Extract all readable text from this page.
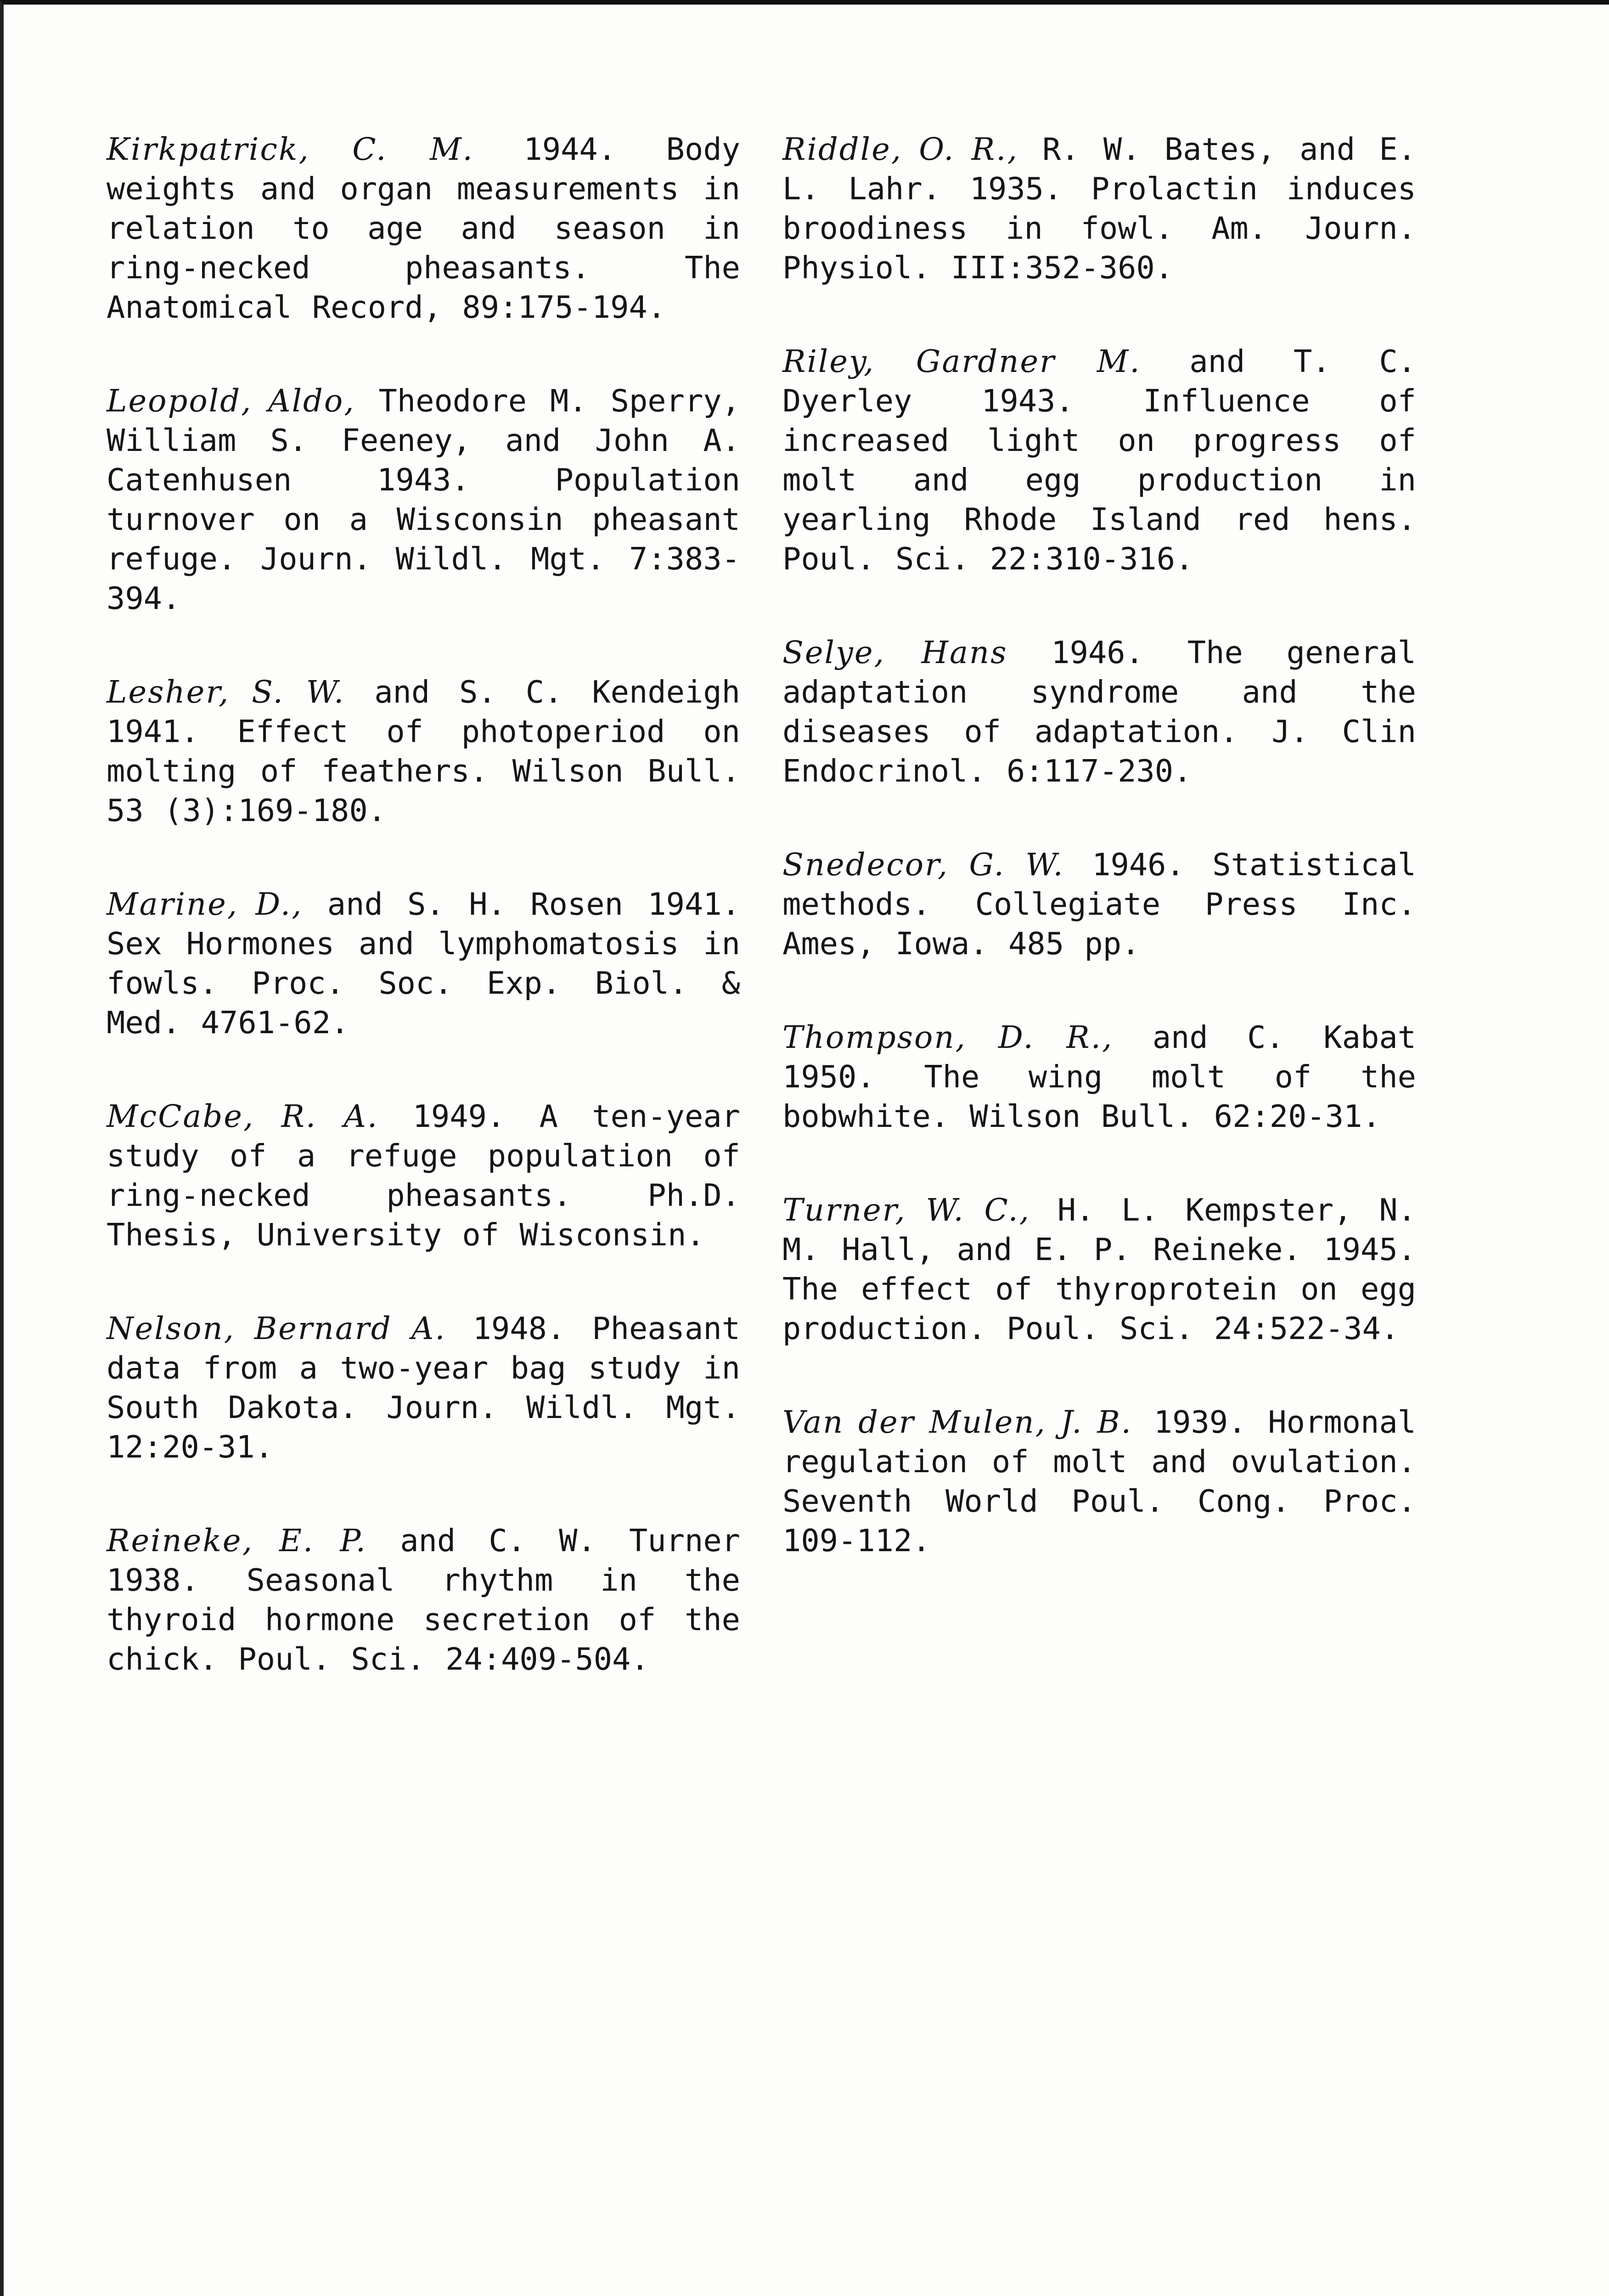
Kirkpatrick, C. M. 1944. Body weights and organ measurements in relation to age and season in ring-necked pheasants. The Anatomical Record, 89:175-194.

Leopold, Aldo, Theodore M. Sperry, William S. Feeney, and John A. Catenhusen 1943. Population turnover on a Wisconsin pheasant refuge. Journ. Wildl. Mgt. 7:383-394.

Lesher, S. W. and S. C. Kendeigh 1941. Effect of photoperiod on molting of feathers. Wilson Bull. 53 (3):169-180.

Marine, D., and S. H. Rosen 1941. Sex Hormones and lymphomatosis in fowls. Proc. Soc. Exp. Biol. & Med. 4761-62.

McCabe, R. A. 1949. A ten-year study of a refuge population of ring-necked pheasants. Ph.D. Thesis, University of Wisconsin.

Nelson, Bernard A. 1948. Pheasant data from a two-year bag study in South Dakota. Journ. Wildl. Mgt. 12:20-31.

Reineke, E. P. and C. W. Turner 1938. Seasonal rhythm in the thyroid hormone secretion of the chick. Poul. Sci. 24:409-504.

Riddle, O. R., R. W. Bates, and E. L. Lahr. 1935. Prolactin induces broodiness in fowl. Am. Journ. Physiol. III:352-360.

Riley, Gardner M. and T. C. Dyerley 1943. Influence of increased light on progress of molt and egg production in yearling Rhode Island red hens. Poul. Sci. 22:310-316.

Selye, Hans 1946. The general adaptation syndrome and the diseases of adaptation. J. Clin Endocrinol. 6:117-230.

Snedecor, G. W. 1946. Statistical methods. Collegiate Press Inc. Ames, Iowa. 485 pp.

Thompson, D. R., and C. Kabat 1950. The wing molt of the bobwhite. Wilson Bull. 62:20-31.

Turner, W. C., H. L. Kempster, N. M. Hall, and E. P. Reineke. 1945. The effect of thyroprotein on egg production. Poul. Sci. 24:522-34.

Van der Mulen, J. B. 1939. Hormonal regulation of molt and ovulation. Seventh World Poul. Cong. Proc. 109-112.
